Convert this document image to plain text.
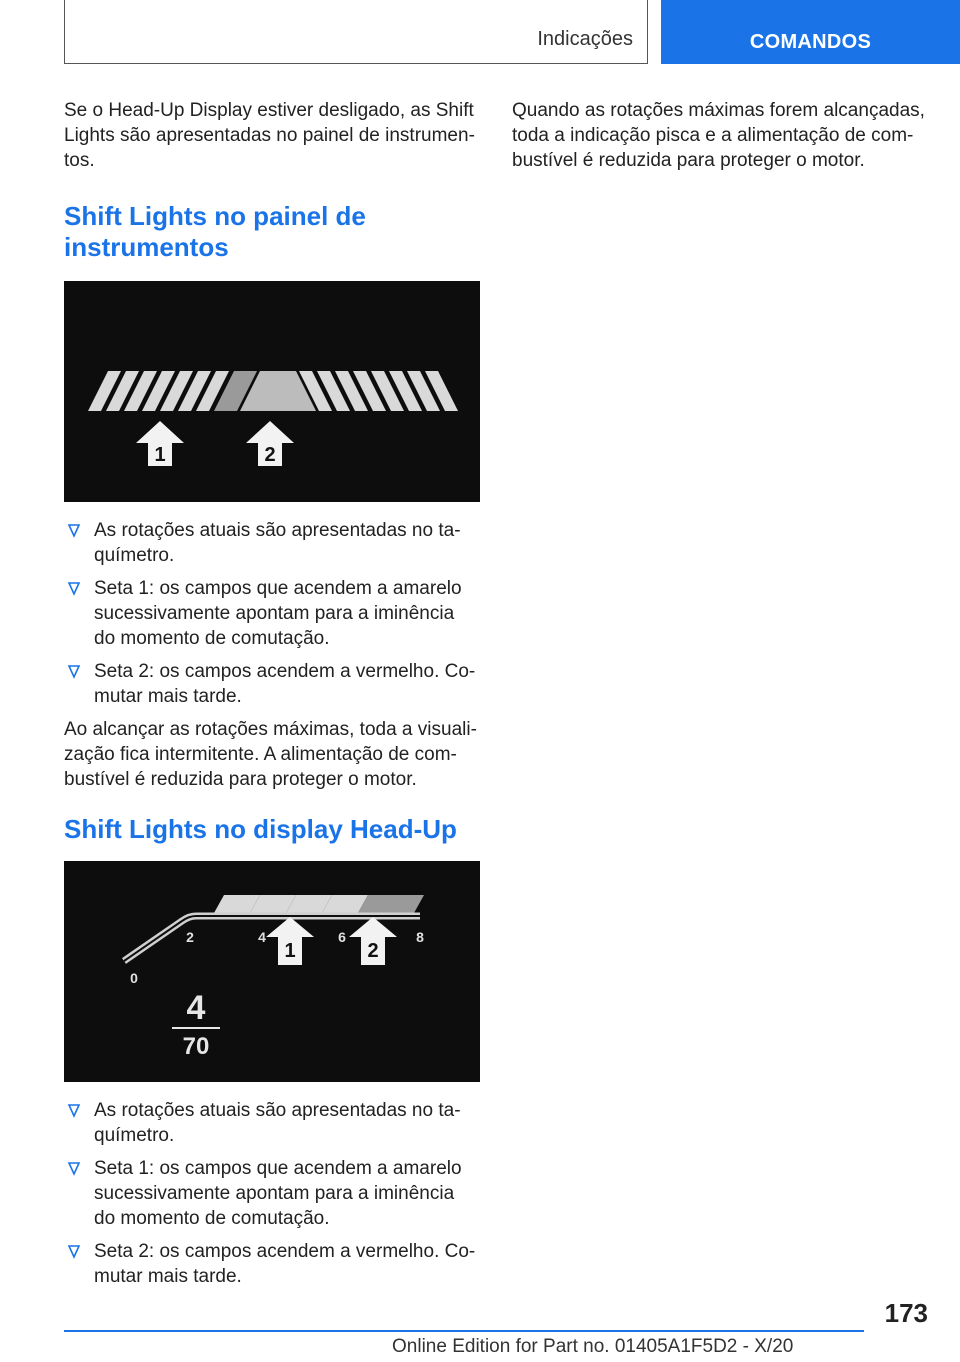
Indicações	COMANDOS

Se o Head-Up Display estiver desligado, as Shift Lights são apresentadas no painel de instrumentos.

Shift Lights no painel de instrumentos
1	2
As rotações atuais são apresentadas no taquímetro.
Seta 1: os campos que acendem a amarelo sucessivamente apontam para a iminência do momento de comutação.
Seta 2: os campos acendem a vermelho. Comutar mais tarde.

Ao alcançar as rotações máximas, toda a visualização fica intermitente. A alimentação de combustível é reduzida para proteger o motor.

Shift Lights no display Head-Up
0
2	4	6	8
1	2
4
70
As rotações atuais são apresentadas no taquímetro.
Seta 1: os campos que acendem a amarelo sucessivamente apontam para a iminência do momento de comutação.
Seta 2: os campos acendem a vermelho. Comutar mais tarde.

Quando as rotações máximas forem alcançadas, toda a indicação pisca e a alimentação de combustível é reduzida para proteger o motor.

173
Online Edition for Part no. 01405A1F5D2 - X/20
